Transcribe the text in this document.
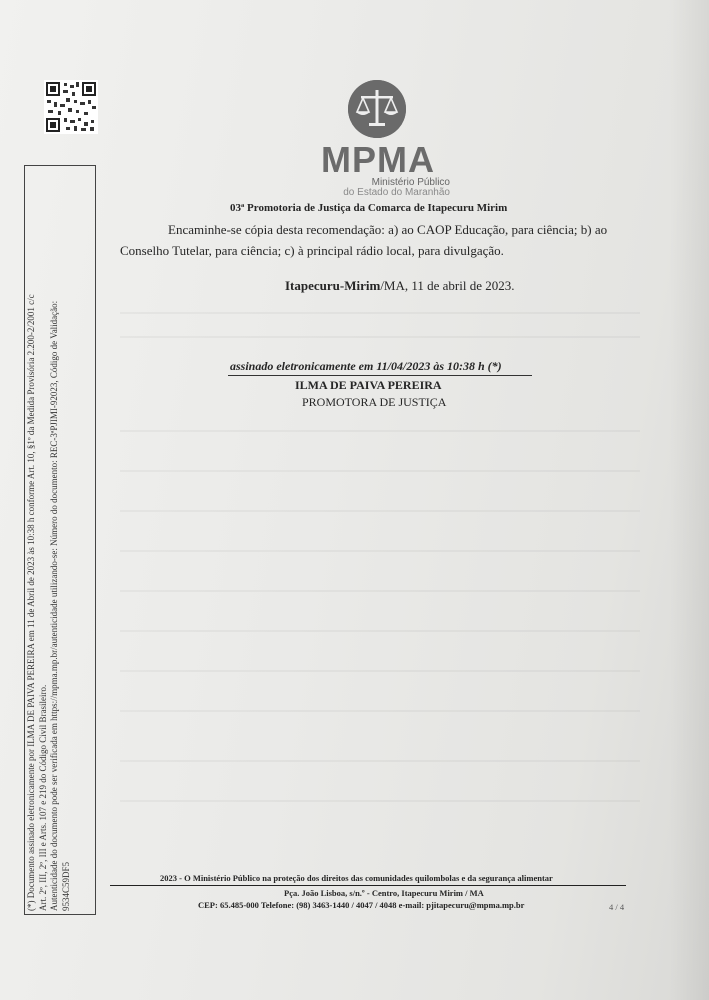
(*) Documento assinado eletronicamente por ILMA DE PAIVA PEREIRA em 11 de Abril de 2023 às 10:38 h conforme Art. 10, §1º da Medida Provisória 2.200-2/2001 c/c Art. 2º, III, 2º, III e Arts. 107 e 219 do Código Civil Brasileiro. Autenticidade do documento pode ser verificada em https://mpma.mp.br/autenticidade utilizando-se: Número do documento: REC-3ªPJIMI-92023, Código de Validação: 9534C59DF5

MPMA
Ministério Público
do Estado do Maranhão
03ª Promotoria de Justiça da Comarca de Itapecuru Mirim
Encaminhe-se cópia desta recomendação: a) ao CAOP Educação, para ciência; b) ao
Conselho Tutelar, para ciência; c) à principal rádio local, para divulgação.
Itapecuru-Mirim/MA, 11 de abril de 2023.
assinado eletronicamente em 11/04/2023 às 10:38 h (*)
ILMA DE PAIVA PEREIRA
PROMOTORA DE JUSTIÇA
2023 - O Ministério Público na proteção dos direitos das comunidades quilombolas e da segurança alimentar
Pça. João Lisboa, s/n.º - Centro, Itapecuru Mirim / MA
CEP: 65.485-000 Telefone: (98) 3463-1440 / 4047 / 4048 e-mail: pjitapecuru@mpma.mp.br	4 / 4
